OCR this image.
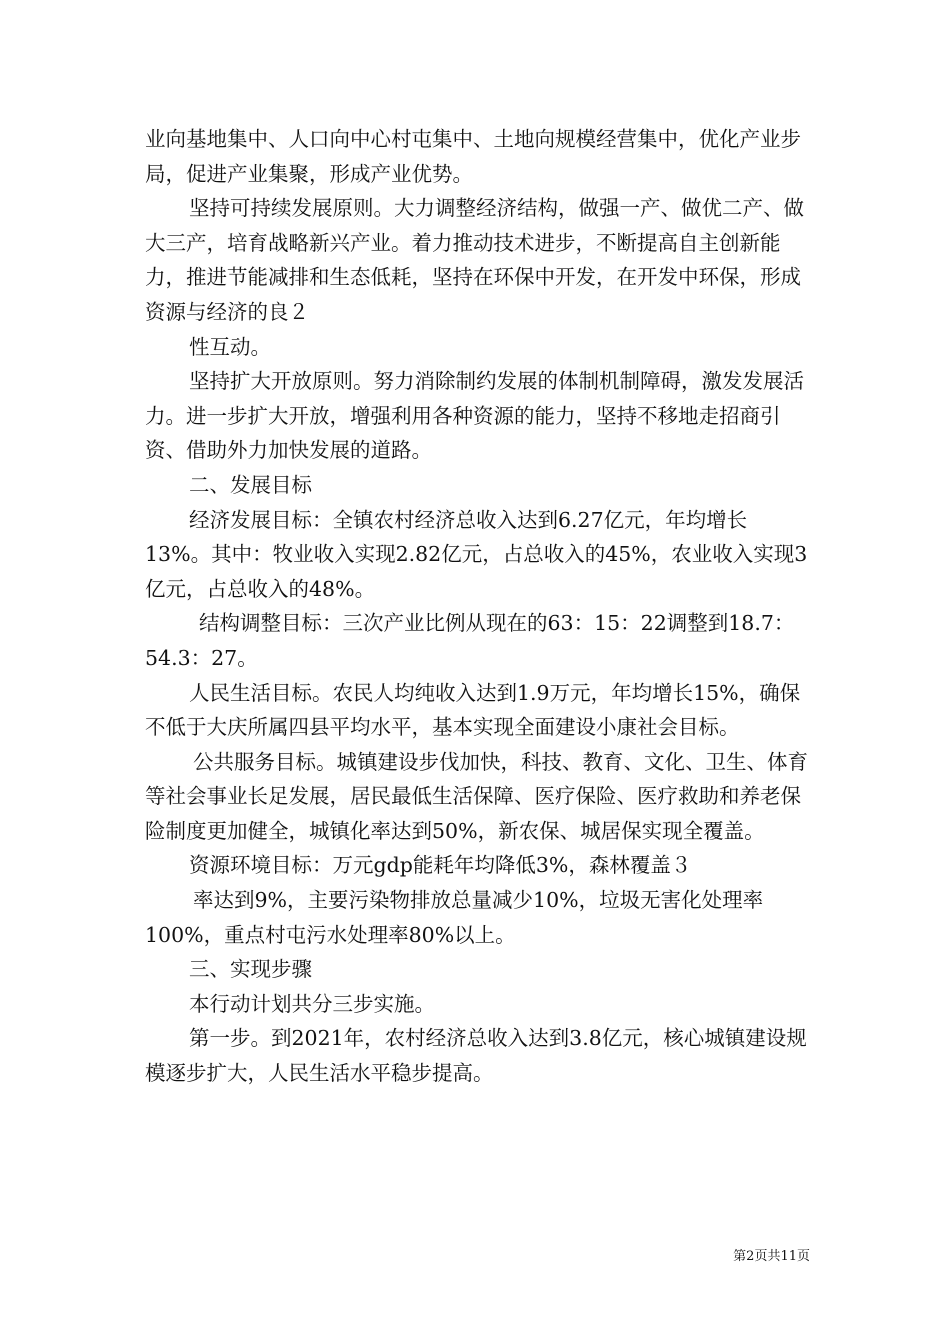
业向基地集中、人口向中心村屯集中、土地向规模经营集中，优化产业步局，促进产业集聚，形成产业优势。

坚持可持续发展原则。大力调整经济结构，做强一产、做优二产、做大三产，培育战略新兴产业。着力推动技术进步，不断提高自主创新能力，推进节能减排和生态低耗，坚持在环保中开发，在开发中环保，形成资源与经济的良２

性互动。

坚持扩大开放原则。努力消除制约发展的体制机制障碍，激发发展活力。进一步扩大开放，增强利用各种资源的能力，坚持不移地走招商引资、借助外力加快发展的道路。

二、发展目标

经济发展目标：全镇农村经济总收入达到6.27亿元，年均增长13%。其中：牧业收入实现2.82亿元，占总收入的45%，农业收入实现3亿元，占总收入的48%。

结构调整目标：三次产业比例从现在的63：15：22调整到18.7：54.3：27。

人民生活目标。农民人均纯收入达到1.9万元，年均增长15%，确保不低于大庆所属四县平均水平，基本实现全面建设小康社会目标。

公共服务目标。城镇建设步伐加快，科技、教育、文化、卫生、体育等社会事业长足发展，居民最低生活保障、医疗保险、医疗救助和养老保险制度更加健全，城镇化率达到50%，新农保、城居保实现全覆盖。

资源环境目标：万元gdp能耗年均降低3%，森林覆盖３

率达到9%，主要污染物排放总量减少10%，垃圾无害化处理率100%，重点村屯污水处理率80%以上。

三、实现步骤

本行动计划共分三步实施。

第一步。到2021年，农村经济总收入达到3.8亿元，核心城镇建设规模逐步扩大，人民生活水平稳步提高。

第2页共11页
